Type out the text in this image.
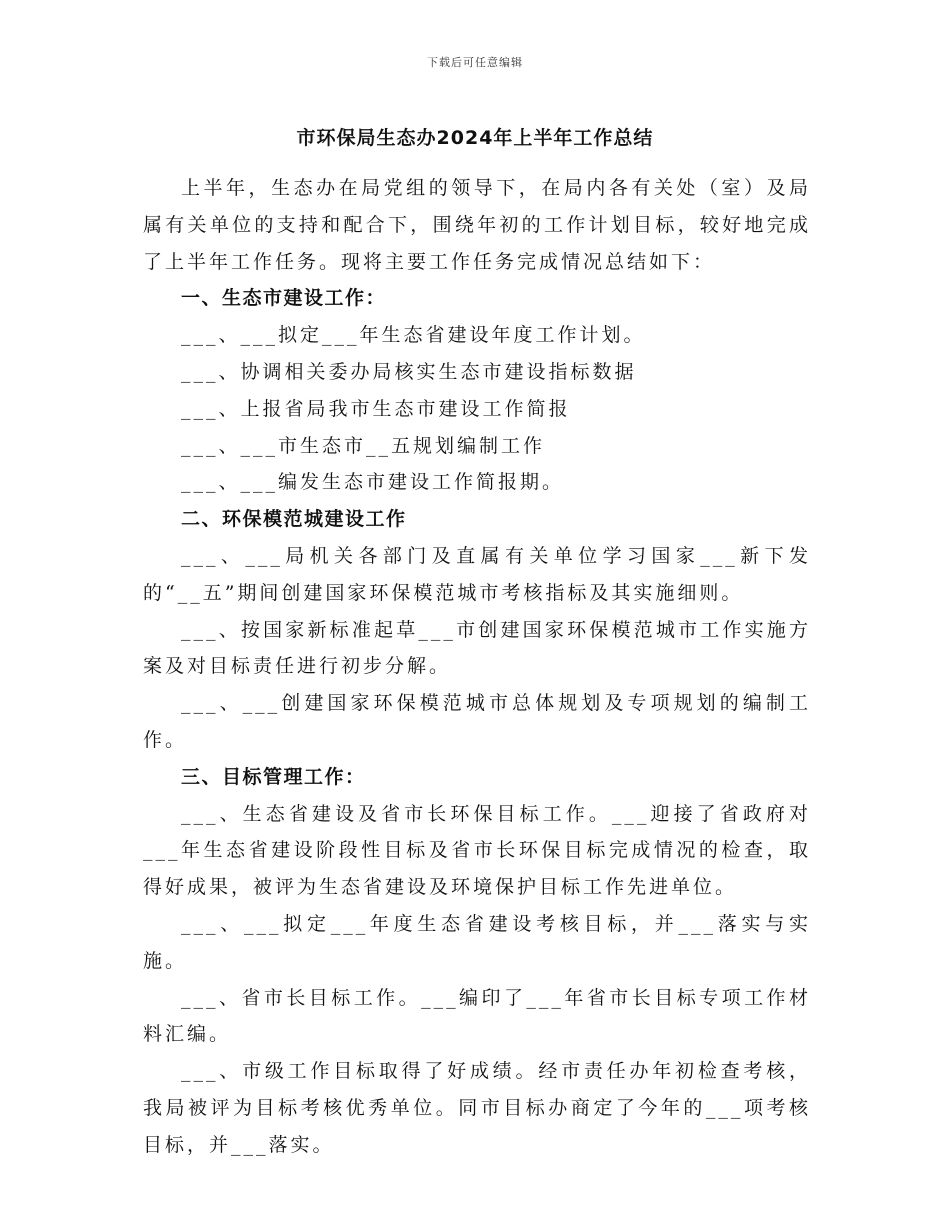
下载后可任意编辑
市环保局生态办2024年上半年工作总结

上半年，生态办在局党组的领导下，在局内各有关处（室）及局属有关单位的支持和配合下，围绕年初的工作计划目标，较好地完成了上半年工作任务。现将主要工作任务完成情况总结如下：

一、生态市建设工作：

___、___拟定___年生态省建设年度工作计划。

___、协调相关委办局核实生态市建设指标数据

___、上报省局我市生态市建设工作简报

___、___市生态市__五规划编制工作

___、___编发生态市建设工作简报期。

二、环保模范城建设工作

___、___局机关各部门及直属有关单位学习国家___新下发的“__五”期间创建国家环保模范城市考核指标及其实施细则。

___、按国家新标准起草___市创建国家环保模范城市工作实施方案及对目标责任进行初步分解。

___、___创建国家环保模范城市总体规划及专项规划的编制工作。

三、目标管理工作：

___、生态省建设及省市长环保目标工作。___迎接了省政府对___年生态省建设阶段性目标及省市长环保目标完成情况的检查，取得好成果，被评为生态省建设及环境保护目标工作先进单位。

___、___拟定___年度生态省建设考核目标，并___落实与实施。

___、省市长目标工作。___编印了___年省市长目标专项工作材料汇编。

___、市级工作目标取得了好成绩。经市责任办年初检查考核，我局被评为目标考核优秀单位。同市目标办商定了今年的___项考核目标，并___落实。
